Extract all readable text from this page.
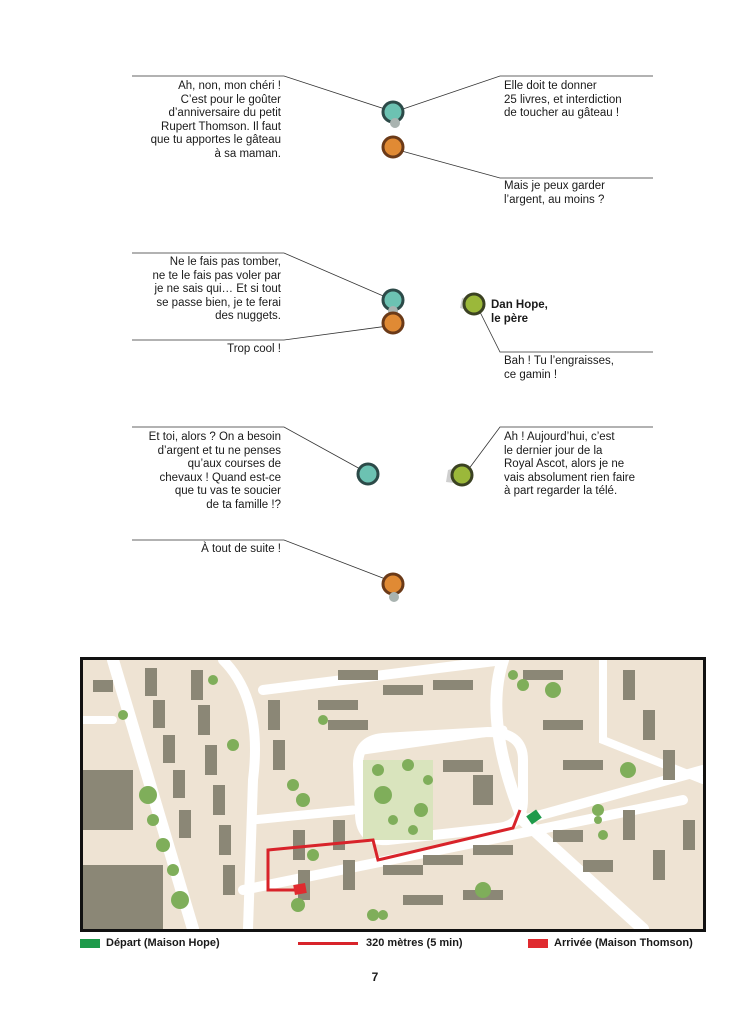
Ah, non, mon chéri !
C’est pour le goûter
d’anniversaire du petit
Rupert Thomson. Il faut
que tu apportes le gâteau
à sa maman.
Elle doit te donner
25 livres, et interdiction
de toucher au gâteau !
Mais je peux garder
l’argent, au moins ?
Ne le fais pas tomber,
ne te le fais pas voler par
je ne sais qui… Et si tout
se passe bien, je te ferai
des nuggets.
Trop cool !
Dan Hope,
le père
Bah ! Tu l’engraisses,
ce gamin !
Et toi, alors ? On a besoin
d’argent et tu ne penses
qu’aux courses de
chevaux ! Quand est-ce
que tu vas te soucier
de ta famille !?
Ah ! Aujourd’hui, c’est
le dernier jour de la
Royal Ascot, alors je ne
vais absolument rien faire
à part regarder la télé.
À tout de suite !
Départ (Maison Hope)	320 mètres (5 min)	Arrivée (Maison Thomson)
7
